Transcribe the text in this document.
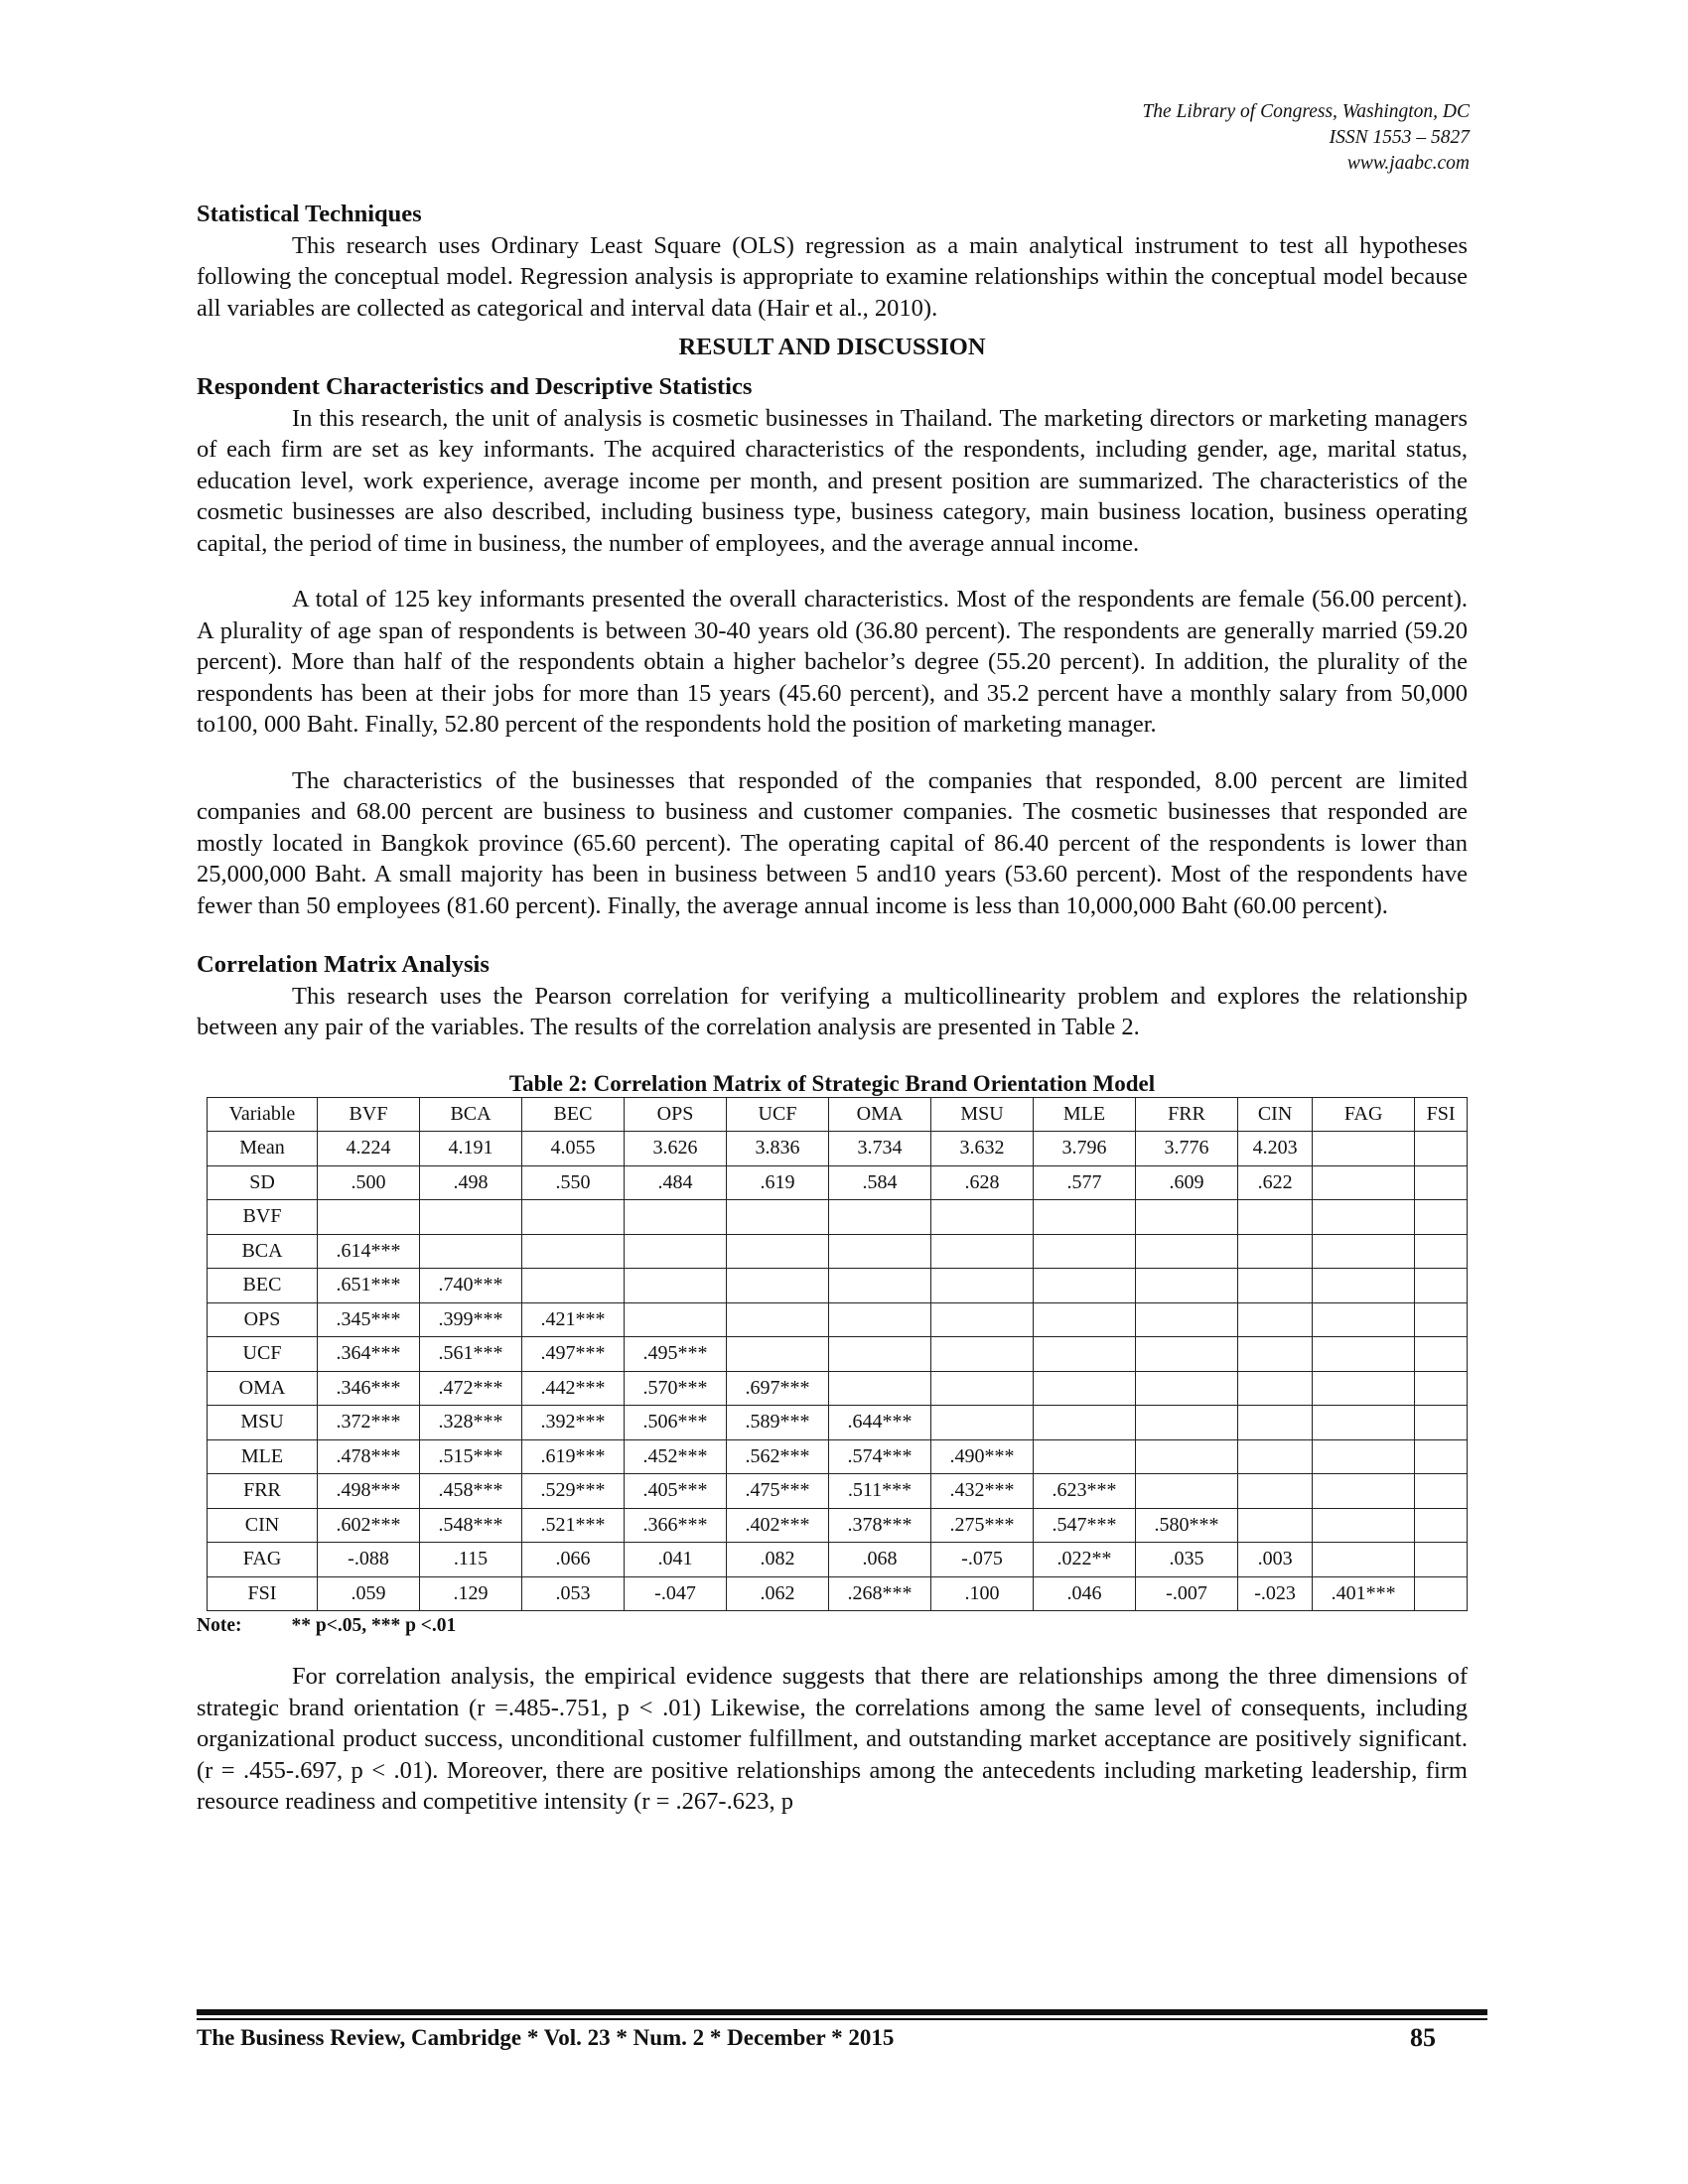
The Library of Congress, Washington, DC
ISSN 1553 – 5827
www.jaabc.com
Statistical Techniques

This research uses Ordinary Least Square (OLS) regression as a main analytical instrument to test all hypotheses following the conceptual model. Regression analysis is appropriate to examine relationships within the conceptual model because all variables are collected as categorical and interval data (Hair et al., 2010).

RESULT AND DISCUSSION
Respondent Characteristics and Descriptive Statistics

In this research, the unit of analysis is cosmetic businesses in Thailand. The marketing directors or marketing managers of each firm are set as key informants. The acquired characteristics of the respondents, including gender, age, marital status, education level, work experience, average income per month, and present position are summarized. The characteristics of the cosmetic businesses are also described, including business type, business category, main business location, business operating capital, the period of time in business, the number of employees, and the average annual income.

A total of 125 key informants presented the overall characteristics. Most of the respondents are female (56.00 percent). A plurality of age span of respondents is between 30-40 years old (36.80 percent). The respondents are generally married (59.20 percent). More than half of the respondents obtain a higher bachelor’s degree (55.20 percent). In addition, the plurality of the respondents has been at their jobs for more than 15 years (45.60 percent), and 35.2 percent have a monthly salary from 50,000 to100, 000 Baht. Finally, 52.80 percent of the respondents hold the position of marketing manager.

The characteristics of the businesses that responded of the companies that responded, 8.00 percent are limited companies and 68.00 percent are business to business and customer companies. The cosmetic businesses that responded are mostly located in Bangkok province (65.60 percent). The operating capital of 86.40 percent of the respondents is lower than 25,000,000 Baht. A small majority has been in business between 5 and10 years (53.60 percent). Most of the respondents have fewer than 50 employees (81.60 percent). Finally, the average annual income is less than 10,000,000 Baht (60.00 percent).

Correlation Matrix Analysis

This research uses the Pearson correlation for verifying a multicollinearity problem and explores the relationship between any pair of the variables. The results of the correlation analysis are presented in Table 2.

Table 2: Correlation Matrix of Strategic Brand Orientation Model
Variable	BVF	BCA	BEC	OPS	UCF	OMA	MSU	MLE	FRR	CIN	FAG	FSI
Mean	4.224	4.191	4.055	3.626	3.836	3.734	3.632	3.796	3.776	4.203		
SD	.500	.498	.550	.484	.619	.584	.628	.577	.609	.622		
BVF												
BCA	.614***											
BEC	.651***	.740***										
OPS	.345***	.399***	.421***									
UCF	.364***	.561***	.497***	.495***								
OMA	.346***	.472***	.442***	.570***	.697***							
MSU	.372***	.328***	.392***	.506***	.589***	.644***						
MLE	.478***	.515***	.619***	.452***	.562***	.574***	.490***					
FRR	.498***	.458***	.529***	.405***	.475***	.511***	.432***	.623***				
CIN	.602***	.548***	.521***	.366***	.402***	.378***	.275***	.547***	.580***			
FAG	-.088	.115	.066	.041	.082	.068	-.075	.022**	.035	.003		
FSI	.059	.129	.053	-.047	.062	.268***	.100	.046	-.007	-.023	.401***	
Note:	** p<.05, *** p <.01

For correlation analysis, the empirical evidence suggests that there are relationships among the three dimensions of strategic brand orientation (r =.485-.751, p < .01) Likewise, the correlations among the same level of consequents, including organizational product success, unconditional customer fulfillment, and outstanding market acceptance are positively significant. (r = .455-.697, p < .01). Moreover, there are positive relationships among the antecedents including marketing leadership, firm resource readiness and competitive intensity (r = .267-.623, p

The Business Review, Cambridge * Vol. 23 * Num. 2 * December * 2015	85
